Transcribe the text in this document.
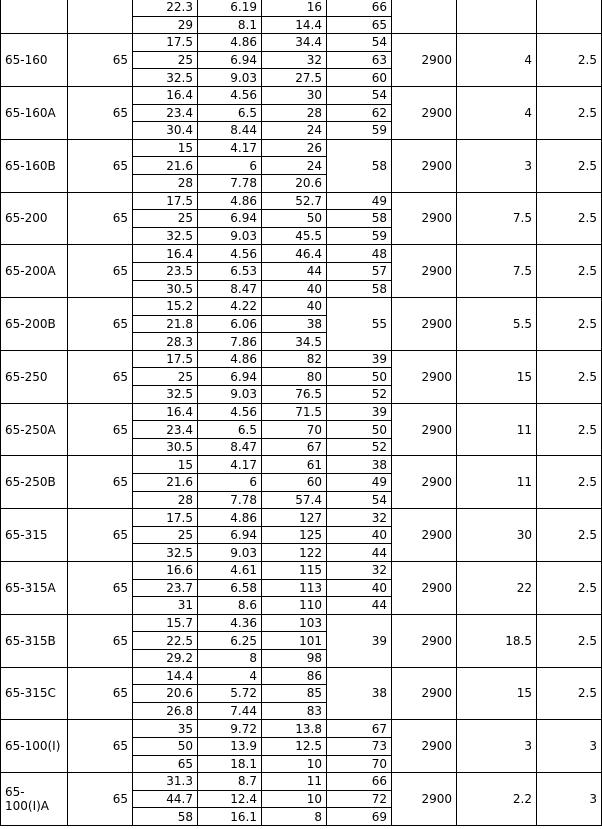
		22.3	6.19	16	66			
		29	8.1	14.4	65			
65-160	65	17.5	4.86	34.4	54	2900	4	2.5
		25	6.94	32	63			
		32.5	9.03	27.5	60			
65-160A	65	16.4	4.56	30	54	2900	4	2.5
		23.4	6.5	28	62			
		30.4	8.44	24	59			
65-160B	65	15	4.17	26	58	2900	3	2.5
		21.6	6	24				
		28	7.78	20.6				
65-200	65	17.5	4.86	52.7	49	2900	7.5	2.5
		25	6.94	50	58			
		32.5	9.03	45.5	59			
65-200A	65	16.4	4.56	46.4	48	2900	7.5	2.5
		23.5	6.53	44	57			
		30.5	8.47	40	58			
65-200B	65	15.2	4.22	40	55	2900	5.5	2.5
		21.8	6.06	38				
		28.3	7.86	34.5				
65-250	65	17.5	4.86	82	39	2900	15	2.5
		25	6.94	80	50			
		32.5	9.03	76.5	52			
65-250A	65	16.4	4.56	71.5	39	2900	11	2.5
		23.4	6.5	70	50			
		30.5	8.47	67	52			
65-250B	65	15	4.17	61	38	2900	11	2.5
		21.6	6	60	49			
		28	7.78	57.4	54			
65-315	65	17.5	4.86	127	32	2900	30	2.5
		25	6.94	125	40			
		32.5	9.03	122	44			
65-315A	65	16.6	4.61	115	32	2900	22	2.5
		23.7	6.58	113	40			
		31	8.6	110	44			
65-315B	65	15.7	4.36	103	39	2900	18.5	2.5
		22.5	6.25	101				
		29.2	8	98				
65-315C	65	14.4	4	86	38	2900	15	2.5
		20.6	5.72	85				
		26.8	7.44	83				
65-100(I)	65	35	9.72	13.8	67	2900	3	3
		50	13.9	12.5	73			
		65	18.1	10	70			
65-100(I)A	65	31.3	8.7	11	66	2900	2.2	3
		44.7	12.4	10	72			
		58	16.1	8	69			
